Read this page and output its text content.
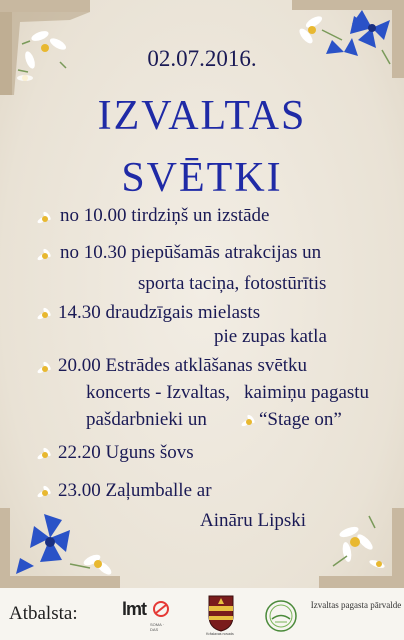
02.07.2016.
IZVALTAS
SVĒTKI
no 10.00 tirdziņš un izstāde
no 10.30 piepūšamās atrakcijas un
sporta taciņa, fotostūrītis
14.30 draudzīgais mielasts
pie zupas katla
20.00 Estrādes atklāšanas svētku
koncerts - Izvaltas, kaimiņu pagastu
pašdarbnieki un	“Stage on”
22.20 Uguns šovs
23.00 Zaļumballe ar
Aināru Lipski
Atbalsta: lmt
SOMA · DAS
Krāslavas novads
Izvaltas pagasta pārvalde
